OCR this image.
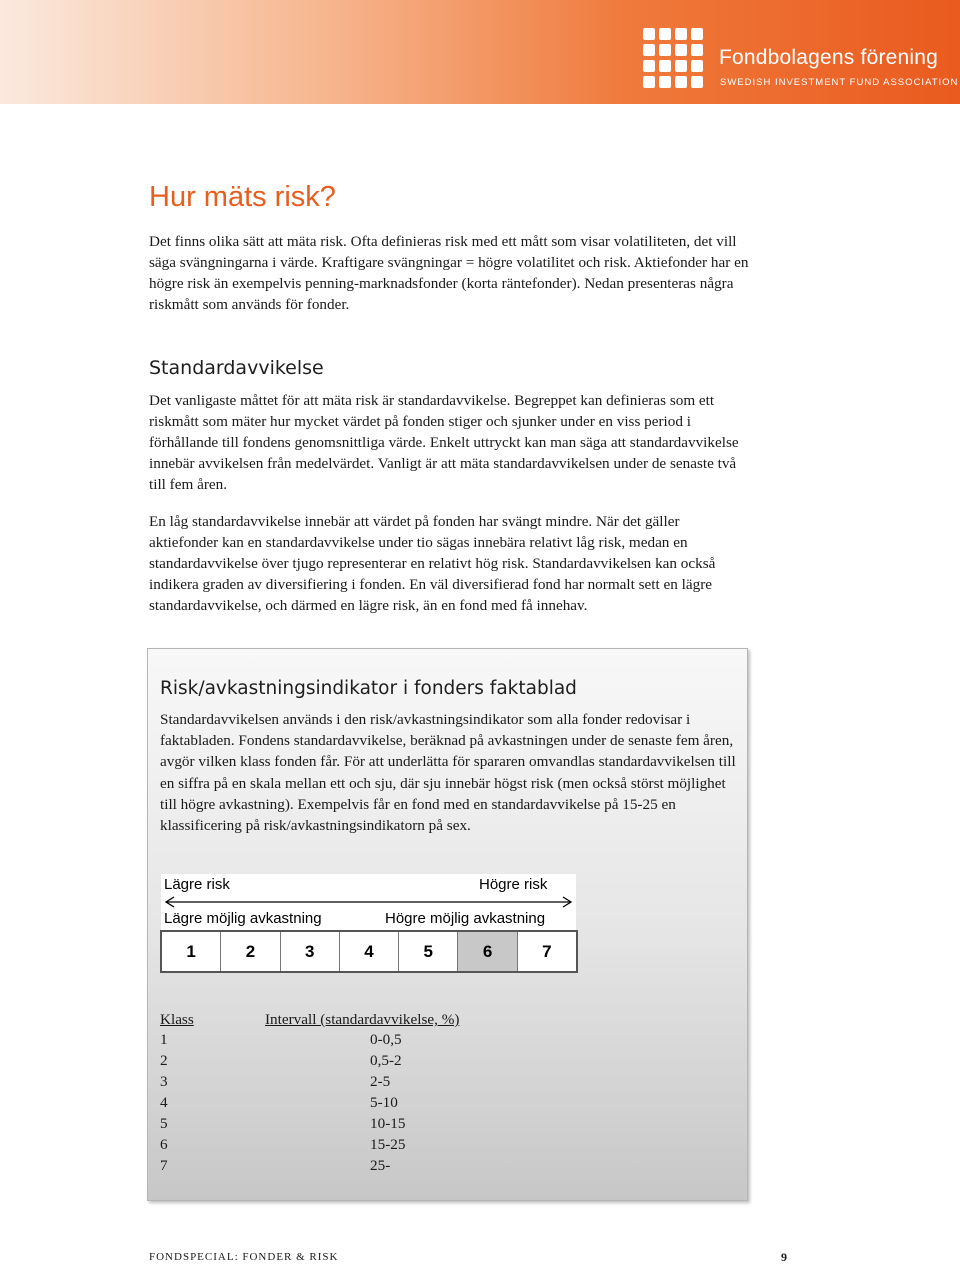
Fondbolagens förening
SWEDISH INVESTMENT FUND ASSOCIATION
Hur mäts risk?

Det finns olika sätt att mäta risk. Ofta definieras risk med ett mått som visar volatiliteten, det vill säga svängningarna i värde. Kraftigare svängningar = högre volatilitet och risk. Aktiefonder har en högre risk än exempelvis penning-marknadsfonder (korta räntefonder). Nedan presenteras några riskmått som används för fonder.

Standardavvikelse

Det vanligaste måttet för att mäta risk är standardavvikelse. Begreppet kan definieras som ett riskmått som mäter hur mycket värdet på fonden stiger och sjunker under en viss period i förhållande till fondens genomsnittliga värde. Enkelt uttryckt kan man säga att standardavvikelse innebär avvikelsen från medelvärdet. Vanligt är att mäta standardavvikelsen under de senaste två till fem åren.

En låg standardavvikelse innebär att värdet på fonden har svängt mindre. När det gäller aktiefonder kan en standardavvikelse under tio sägas innebära relativt låg risk, medan en standardavvikelse över tjugo representerar en relativt hög risk. Standardavvikelsen kan också indikera graden av diversifiering i fonden. En väl diversifierad fond har normalt sett en lägre standardavvikelse, och därmed en lägre risk, än en fond med få innehav.

Risk/avkastningsindikator i fonders faktablad

Standardavvikelsen används i den risk/avkastningsindikator som alla fonder redovisar i faktabladen. Fondens standardavvikelse, beräknad på avkastningen under de senaste fem åren, avgör vilken klass fonden får. För att underlätta för spararen omvandlas standardavvikelsen till en siffra på en skala mellan ett och sju, där sju innebär högst risk (men också störst möjlighet till högre avkastning). Exempelvis får en fond med en standardavvikelse på 15-25 en klassificering på risk/avkastningsindikatorn på sex.

Lägre risk	Högre risk
Lägre möjlig avkastning	Högre möjlig avkastning
1	2	3	4	5	6	7
Klass	Intervall (standardavvikelse, %)
1	0-0,5
2	0,5-2
3	2-5
4	5-10
5	10-15
6	15-25
7	25-
FONDSPECIAL: FONDER & RISK	9
